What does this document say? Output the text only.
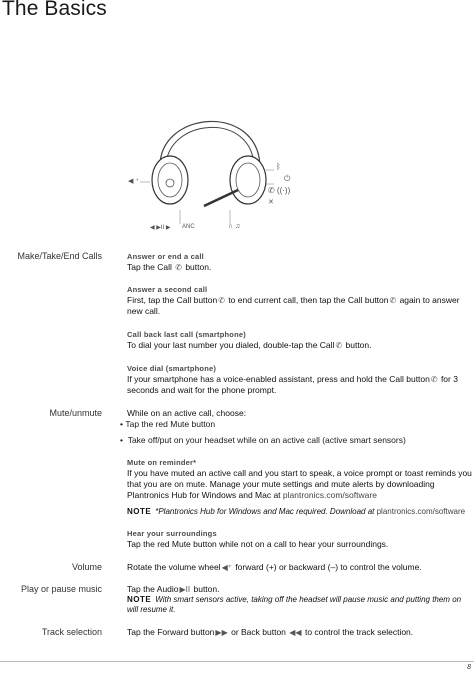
The Basics
◀ ⁺
ᛒ
⏻
✆ ((·))
✕
◀ ▶II ▶ ANC	∩ ♫
Make/Take/End Calls
Mute/unmute
Volume
Play or pause music
Track selection
Answer or end a call
Tap the Call ✆ button.
Answer a second call
First, tap the Call button✆ to end current call, then tap the Call button✆ again to answer new call.
Call back last call (smartphone)
To dial your last number you dialed, double-tap the Call✆ button.
Voice dial (smartphone)
If your smartphone has a voice-enabled assistant, press and hold the Call button✆ for 3 seconds and wait for the phone prompt.
While on an active call, choose:
• Tap the red Mute button
•  Take off/put on your headset while on an active call (active smart sensors)
Mute on reminder*
If you have muted an active call and you start to speak, a voice prompt or toast reminds you that you are on mute. Manage your mute settings and mute alerts by downloading Plantronics Hub for Windows and Mac at plantronics.com/software
NOTE *Plantronics Hub for Windows and Mac required. Download at plantronics.com/software
Hear your surroundings
Tap the red Mute button while not on a call to hear your surroundings.
Rotate the volume wheel◀⁺ forward (+) or backward (–) to control the volume.
Tap the Audio▶II button.
NOTE With smart sensors active, taking off the headset will pause music and putting them on will resume it.
Tap the Forward button▶▶ or Back button ◀◀ to control the track selection.
8
